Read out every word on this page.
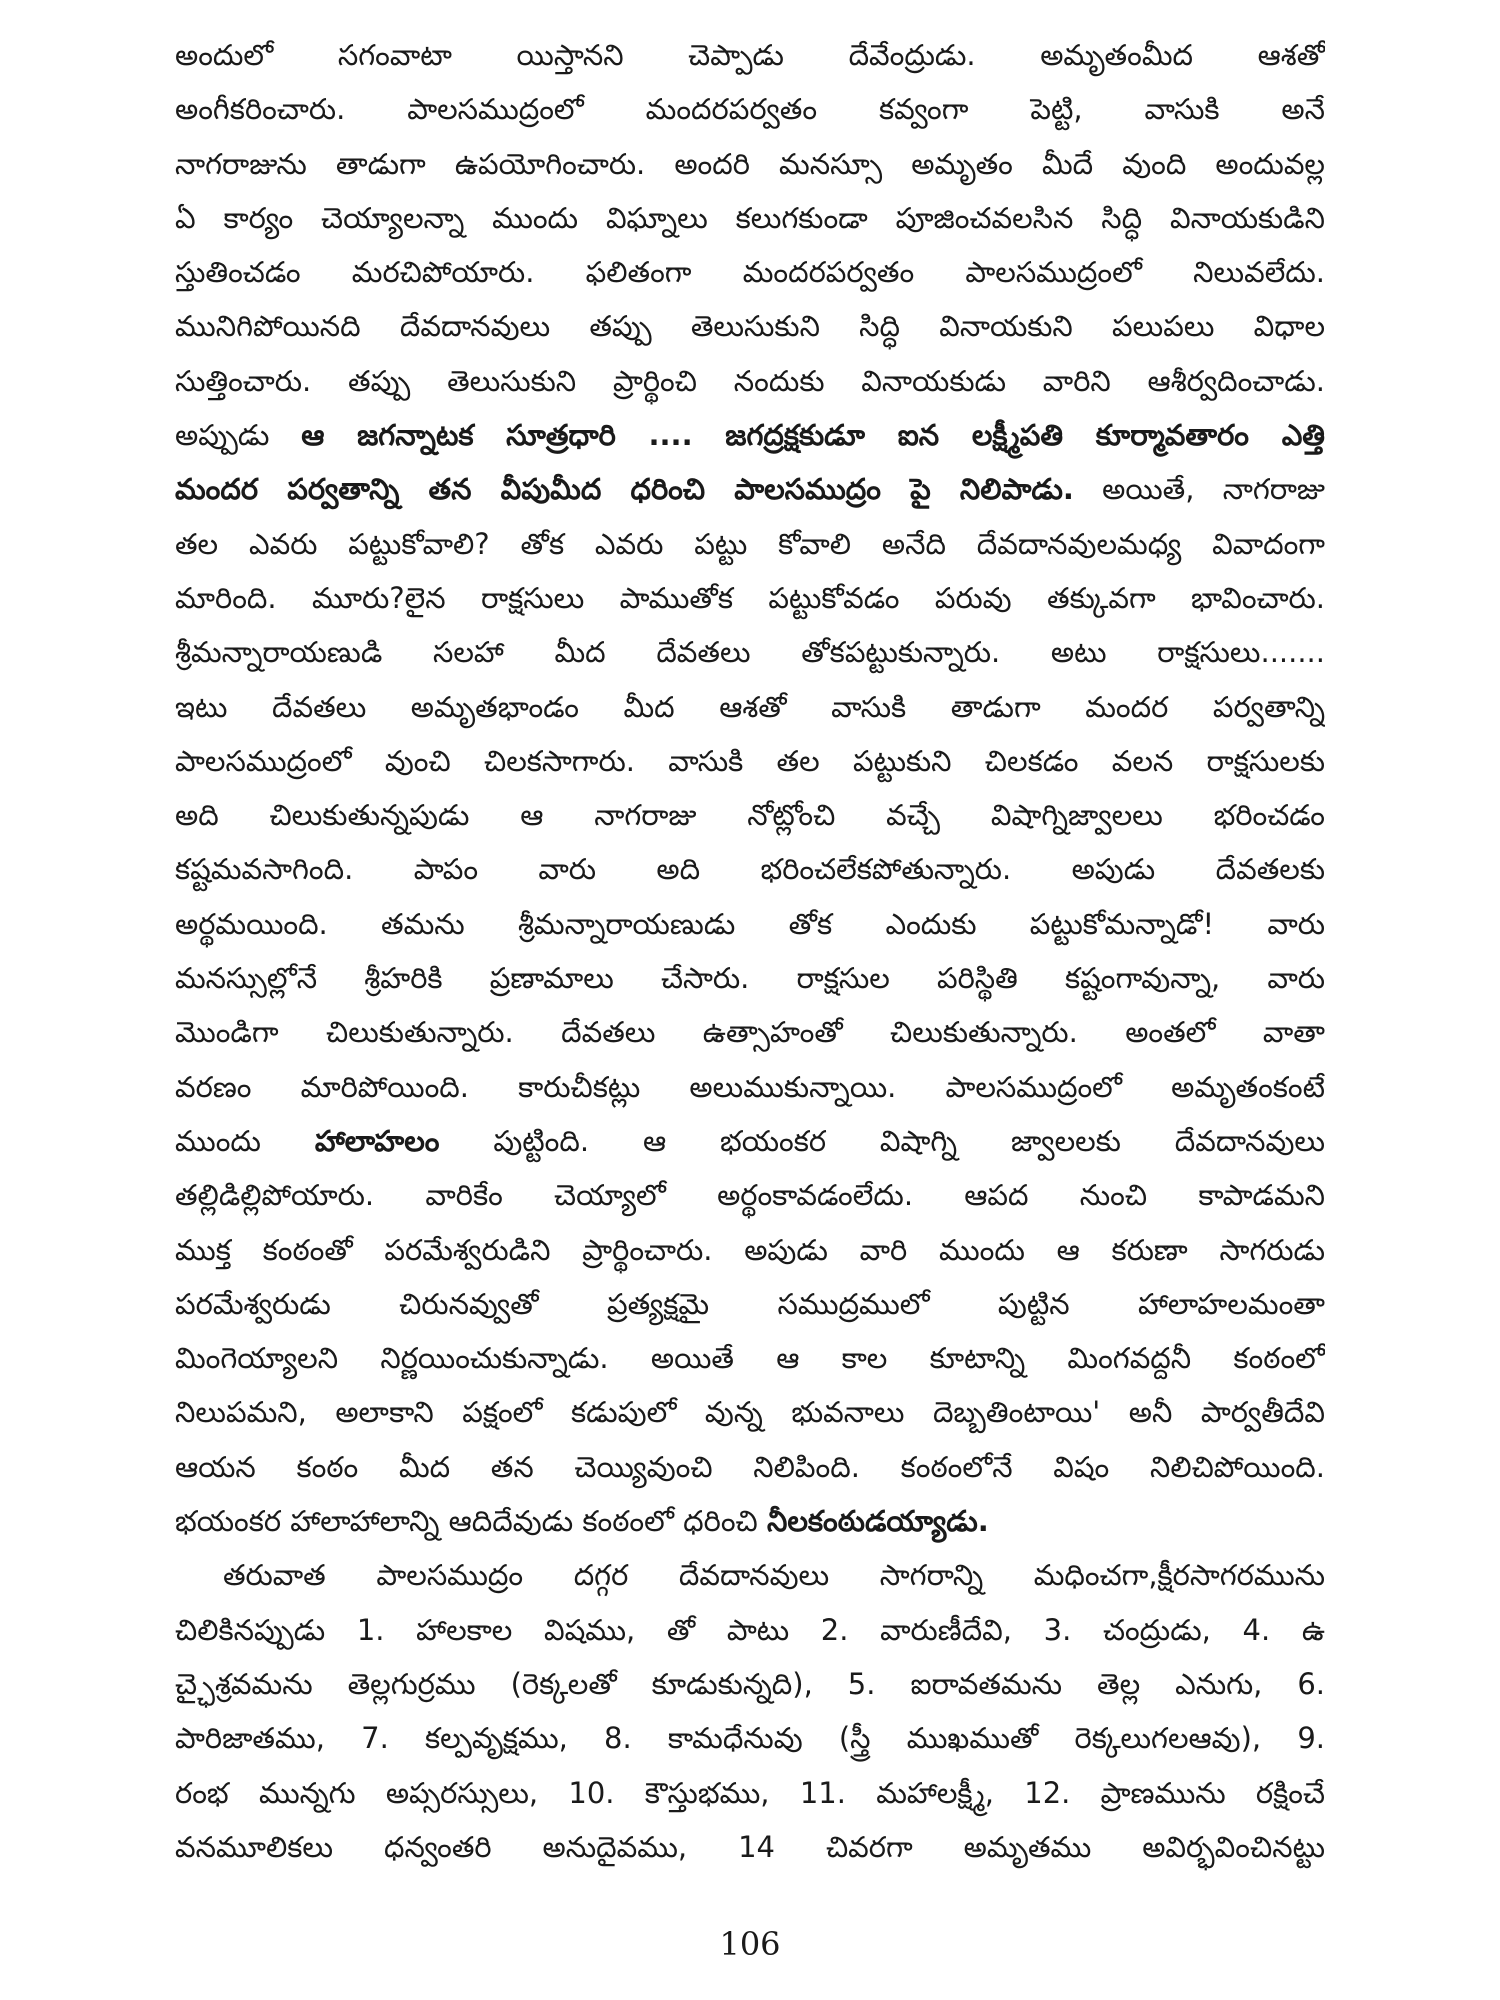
అందులో సగంవాటా యిస్తానని చెప్పాడు దేవేంద్రుడు. అమృతంమీద ఆశతో
అంగీకరించారు. పాలసముద్రంలో మందరపర్వతం కవ్వంగా పెట్టి, వాసుకి అనే
నాగరాజును తాడుగా ఉపయోగించారు. అందరి మనస్సూ అమృతం మీదే వుంది అందువల్ల
ఏ కార్యం చెయ్యాలన్నా ముందు విఘ్నాలు కలుగకుండా పూజించవలసిన సిద్ధి వినాయకుడిని
స్తుతించడం మరచిపోయారు. ఫలితంగా మందరపర్వతం పాలసముద్రంలో నిలువలేదు.
మునిగిపోయినది దేవదానవులు తప్పు తెలుసుకుని సిద్ధి వినాయకుని పలుపలు విధాల
సుత్తించారు. తప్పు తెలుసుకుని ప్రార్థించి నందుకు వినాయకుడు వారిని ఆశీర్వదించాడు.
అప్పుడు ఆ జగన్నాటక సూత్రధారి .... జగద్రక్షకుడూ ఐన లక్ష్మీపతి కూర్మావతారం ఎత్తి
మందర పర్వతాన్ని తన వీపుమీద ధరించి పాలసముద్రం పై నిలిపాడు. అయితే, నాగరాజు
తల ఎవరు పట్టుకోవాలి? తోక ఎవరు పట్టు కోవాలి అనేది దేవదానవులమధ్య వివాదంగా
మారింది. మూరు?లైన రాక్షసులు పాముతోక పట్టుకోవడం పరువు తక్కువగా భావించారు.
శ్రీమన్నారాయణుడి సలహా మీద దేవతలు తోకపట్టుకున్నారు. అటు రాక్షసులు.......
ఇటు దేవతలు అమృతభాండం మీద ఆశతో వాసుకి తాడుగా మందర పర్వతాన్ని
పాలసముద్రంలో వుంచి చిలకసాగారు. వాసుకి తల పట్టుకుని చిలకడం వలన రాక్షసులకు
అది చిలుకుతున్నపుడు ఆ నాగరాజు నోట్లోంచి వచ్చే విషాగ్నిజ్వాలలు భరించడం
కష్టమవసాగింది. పాపం వారు అది భరించలేకపోతున్నారు. అపుడు దేవతలకు
అర్థమయింది. తమను శ్రీమన్నారాయణుడు తోక ఎందుకు పట్టుకోమన్నాడో! వారు
మనస్సుల్లోనే శ్రీహరికి ప్రణామాలు చేసారు. రాక్షసుల పరిస్థితి కష్టంగావున్నా, వారు
మొండిగా చిలుకుతున్నారు. దేవతలు ఉత్సాహంతో చిలుకుతున్నారు. అంతలో వాతా
వరణం మారిపోయింది. కారుచీకట్లు అలుముకున్నాయి. పాలసముద్రంలో అమృతంకంటే
ముందు హాలాహలం పుట్టింది. ఆ భయంకర విషాగ్ని జ్వాలలకు దేవదానవులు
తల్లిడిల్లిపోయారు. వారికేం చెయ్యాలో అర్థంకావడంలేదు. ఆపద నుంచి కాపాడమని
ముక్త కంఠంతో పరమేశ్వరుడిని ప్రార్థించారు. అపుడు వారి ముందు ఆ కరుణా సాగరుడు
పరమేశ్వరుడు చిరునవ్వుతో ప్రత్యక్షమై సముద్రములో పుట్టిన హాలాహలమంతా
మింగెయ్యాలని నిర్ణయించుకున్నాడు. అయితే ఆ కాల కూటాన్ని మింగవద్దనీ కంఠంలో
నిలుపమని, అలాకాని పక్షంలో కడుపులో వున్న భువనాలు దెబ్బతింటాయి' అనీ పార్వతీదేవి
ఆయన కంఠం మీద తన చెయ్యివుంచి నిలిపింది. కంఠంలోనే విషం నిలిచిపోయింది.
భయంకర హాలాహాలాన్ని ఆదిదేవుడు కంఠంలో ధరించి నీలకంఠుడయ్యాడు.
తరువాత పాలసముద్రం దగ్గర దేవదానవులు సాగరాన్ని మధించగా,క్షీరసాగరమును
చిలికినప్పుడు 1. హాలకాల విషము, తో పాటు 2. వారుణీదేవి, 3. చంద్రుడు, 4. ఉ
చ్ఛైశ్రవమను తెల్లగుర్రము (రెక్కలతో కూడుకున్నది), 5. ఐరావతమను తెల్ల ఎనుగు, 6.
పారిజాతము, 7. కల్పవృక్షము, 8. కామధేనువు (స్త్రీ ముఖముతో రెక్కలుగలఆవు), 9.
రంభ మున్నగు అప్సరస్సులు, 10. కౌస్తుభము, 11. మహాలక్ష్మీ, 12. ప్రాణమును రక్షించే
వనమూలికలు ధన్వంతరి అనుదైవము, 14 చివరగా అమృతము అవిర్భవించినట్టు
106
